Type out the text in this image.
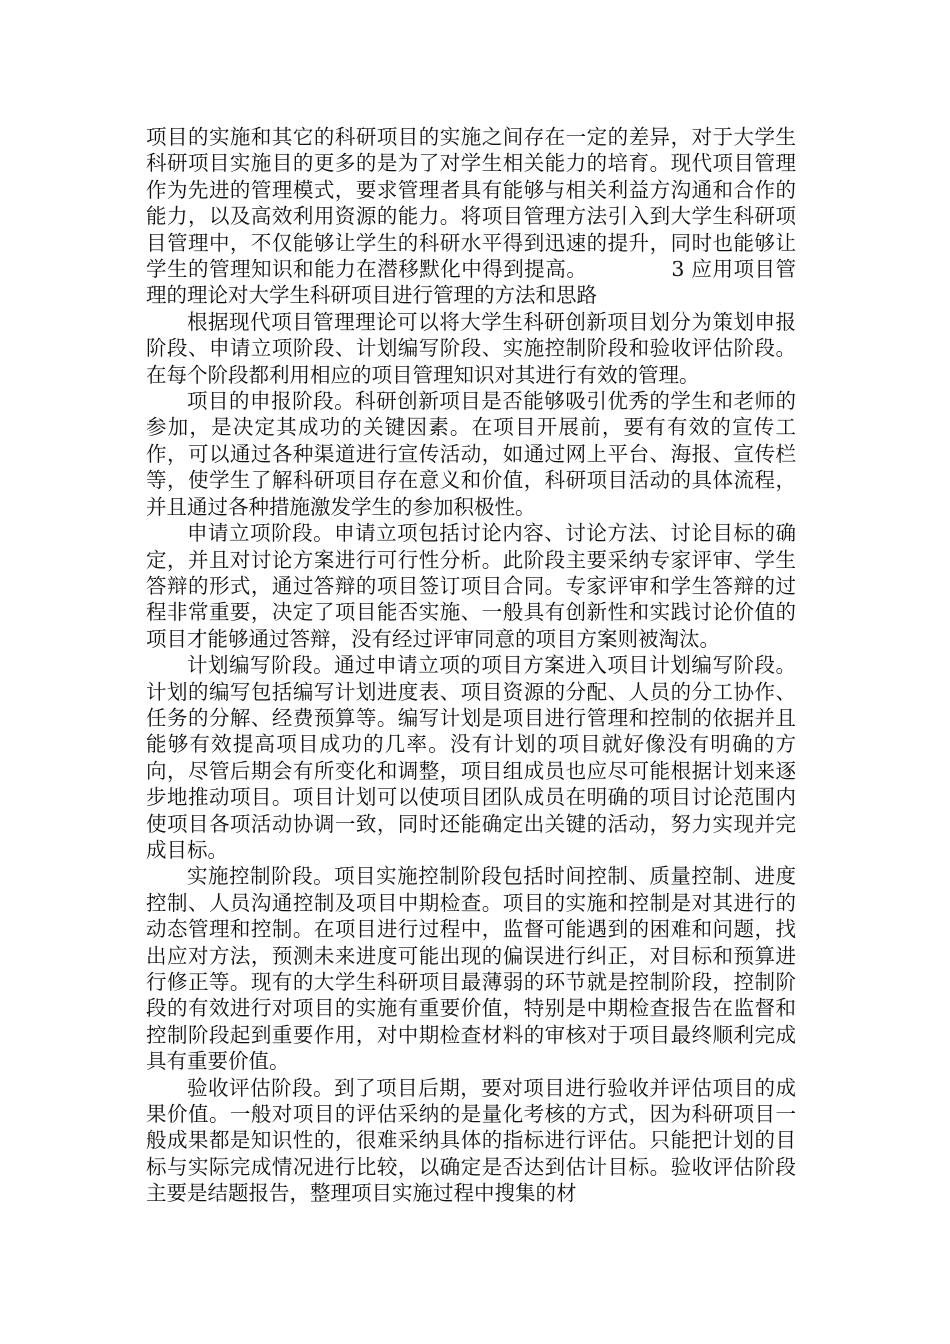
项目的实施和其它的科研项目的实施之间存在一定的差异，对于大学生科研项目实施目的更多的是为了对学生相关能力的培育。现代项目管理作为先进的管理模式，要求管理者具有能够与相关利益方沟通和合作的能力，以及高效利用资源的能力。将项目管理方法引入到大学生科研项目管理中，不仅能够让学生的科研水平得到迅速的提升，同时也能够让学生的管理知识和能力在潜移默化中得到提高。	3 应用项目管理的理论对大学生科研项目进行管理的方法和思路

根据现代项目管理理论可以将大学生科研创新项目划分为策划申报阶段、申请立项阶段、计划编写阶段、实施控制阶段和验收评估阶段。在每个阶段都利用相应的项目管理知识对其进行有效的管理。

项目的申报阶段。科研创新项目是否能够吸引优秀的学生和老师的参加，是决定其成功的关键因素。在项目开展前，要有有效的宣传工作，可以通过各种渠道进行宣传活动，如通过网上平台、海报、宣传栏等，使学生了解科研项目存在意义和价值，科研项目活动的具体流程，并且通过各种措施激发学生的参加积极性。

申请立项阶段。申请立项包括讨论内容、讨论方法、讨论目标的确定，并且对讨论方案进行可行性分析。此阶段主要采纳专家评审、学生答辩的形式，通过答辩的项目签订项目合同。专家评审和学生答辩的过程非常重要，决定了项目能否实施、一般具有创新性和实践讨论价值的项目才能够通过答辩，没有经过评审同意的项目方案则被淘汰。

计划编写阶段。通过申请立项的项目方案进入项目计划编写阶段。计划的编写包括编写计划进度表、项目资源的分配、人员的分工协作、任务的分解、经费预算等。编写计划是项目进行管理和控制的依据并且能够有效提高项目成功的几率。没有计划的项目就好像没有明确的方向，尽管后期会有所变化和调整，项目组成员也应尽可能根据计划来逐步地推动项目。项目计划可以使项目团队成员在明确的项目讨论范围内使项目各项活动协调一致，同时还能确定出关键的活动，努力实现并完成目标。

实施控制阶段。项目实施控制阶段包括时间控制、质量控制、进度控制、人员沟通控制及项目中期检查。项目的实施和控制是对其进行的动态管理和控制。在项目进行过程中，监督可能遇到的困难和问题，找出应对方法，预测未来进度可能出现的偏误进行纠正，对目标和预算进行修正等。现有的大学生科研项目最薄弱的环节就是控制阶段，控制阶段的有效进行对项目的实施有重要价值，特别是中期检查报告在监督和控制阶段起到重要作用，对中期检查材料的审核对于项目最终顺利完成具有重要价值。

验收评估阶段。到了项目后期，要对项目进行验收并评估项目的成果价值。一般对项目的评估采纳的是量化考核的方式，因为科研项目一般成果都是知识性的，很难采纳具体的指标进行评估。只能把计划的目标与实际完成情况进行比较，以确定是否达到估计目标。验收评估阶段主要是结题报告，整理项目实施过程中搜集的材
